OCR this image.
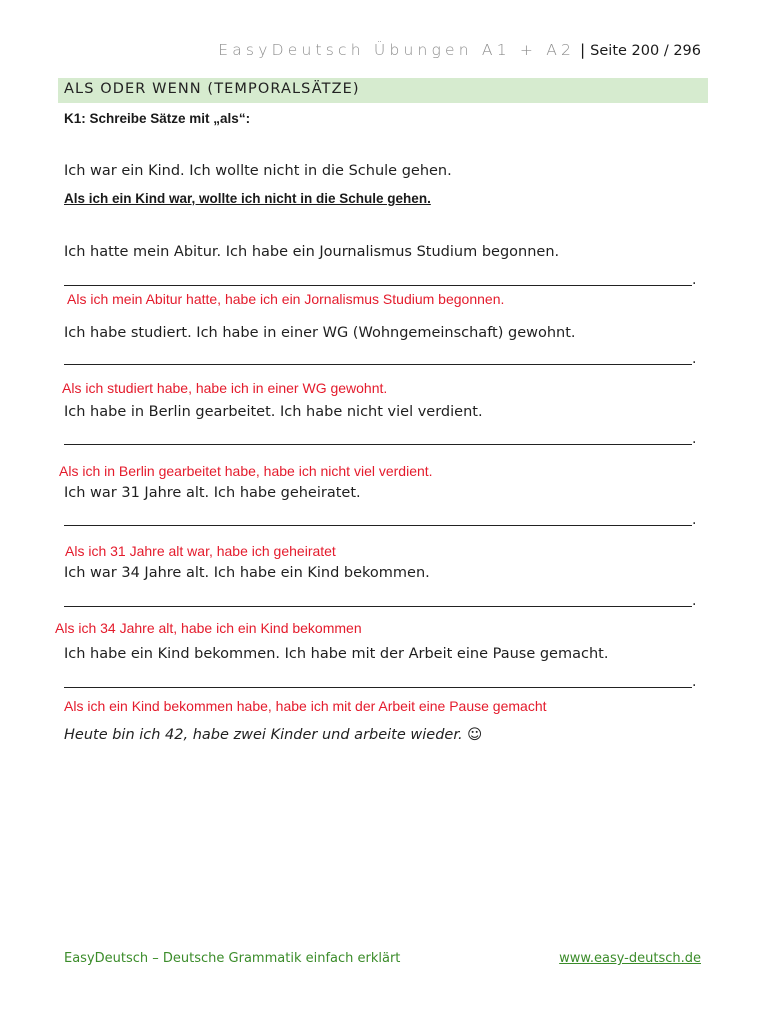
EasyDeutsch Übungen A1 + A2 | Seite 200 / 296
ALS ODER WENN (TEMPORALSÄTZE)
K1: Schreibe Sätze mit „als“:
Ich war ein Kind. Ich wollte nicht in die Schule gehen.
Als ich ein Kind war, wollte ich nicht in die Schule gehen.
Ich hatte mein Abitur. Ich habe ein Journalismus Studium begonnen.
.
Als ich mein Abitur hatte, habe ich ein Jornalismus Studium begonnen.
Ich habe studiert. Ich habe in einer WG (Wohngemeinschaft) gewohnt.
.
Als ich studiert habe, habe ich in einer WG gewohnt.
Ich habe in Berlin gearbeitet. Ich habe nicht viel verdient.
.
Als ich in Berlin gearbeitet habe, habe ich nicht viel verdient.
Ich war 31 Jahre alt. Ich habe geheiratet.
.
Als ich 31 Jahre alt war, habe ich geheiratet
Ich war 34 Jahre alt. Ich habe ein Kind bekommen.
.
Als ich 34 Jahre alt, habe ich ein Kind bekommen
Ich habe ein Kind bekommen. Ich habe mit der Arbeit eine Pause gemacht.
.
Als ich ein Kind bekommen habe, habe ich mit der Arbeit eine Pause gemacht
Heute bin ich 42, habe zwei Kinder und arbeite wieder. ☺
EasyDeutsch – Deutsche Grammatik einfach erklärt	www.easy-deutsch.de
